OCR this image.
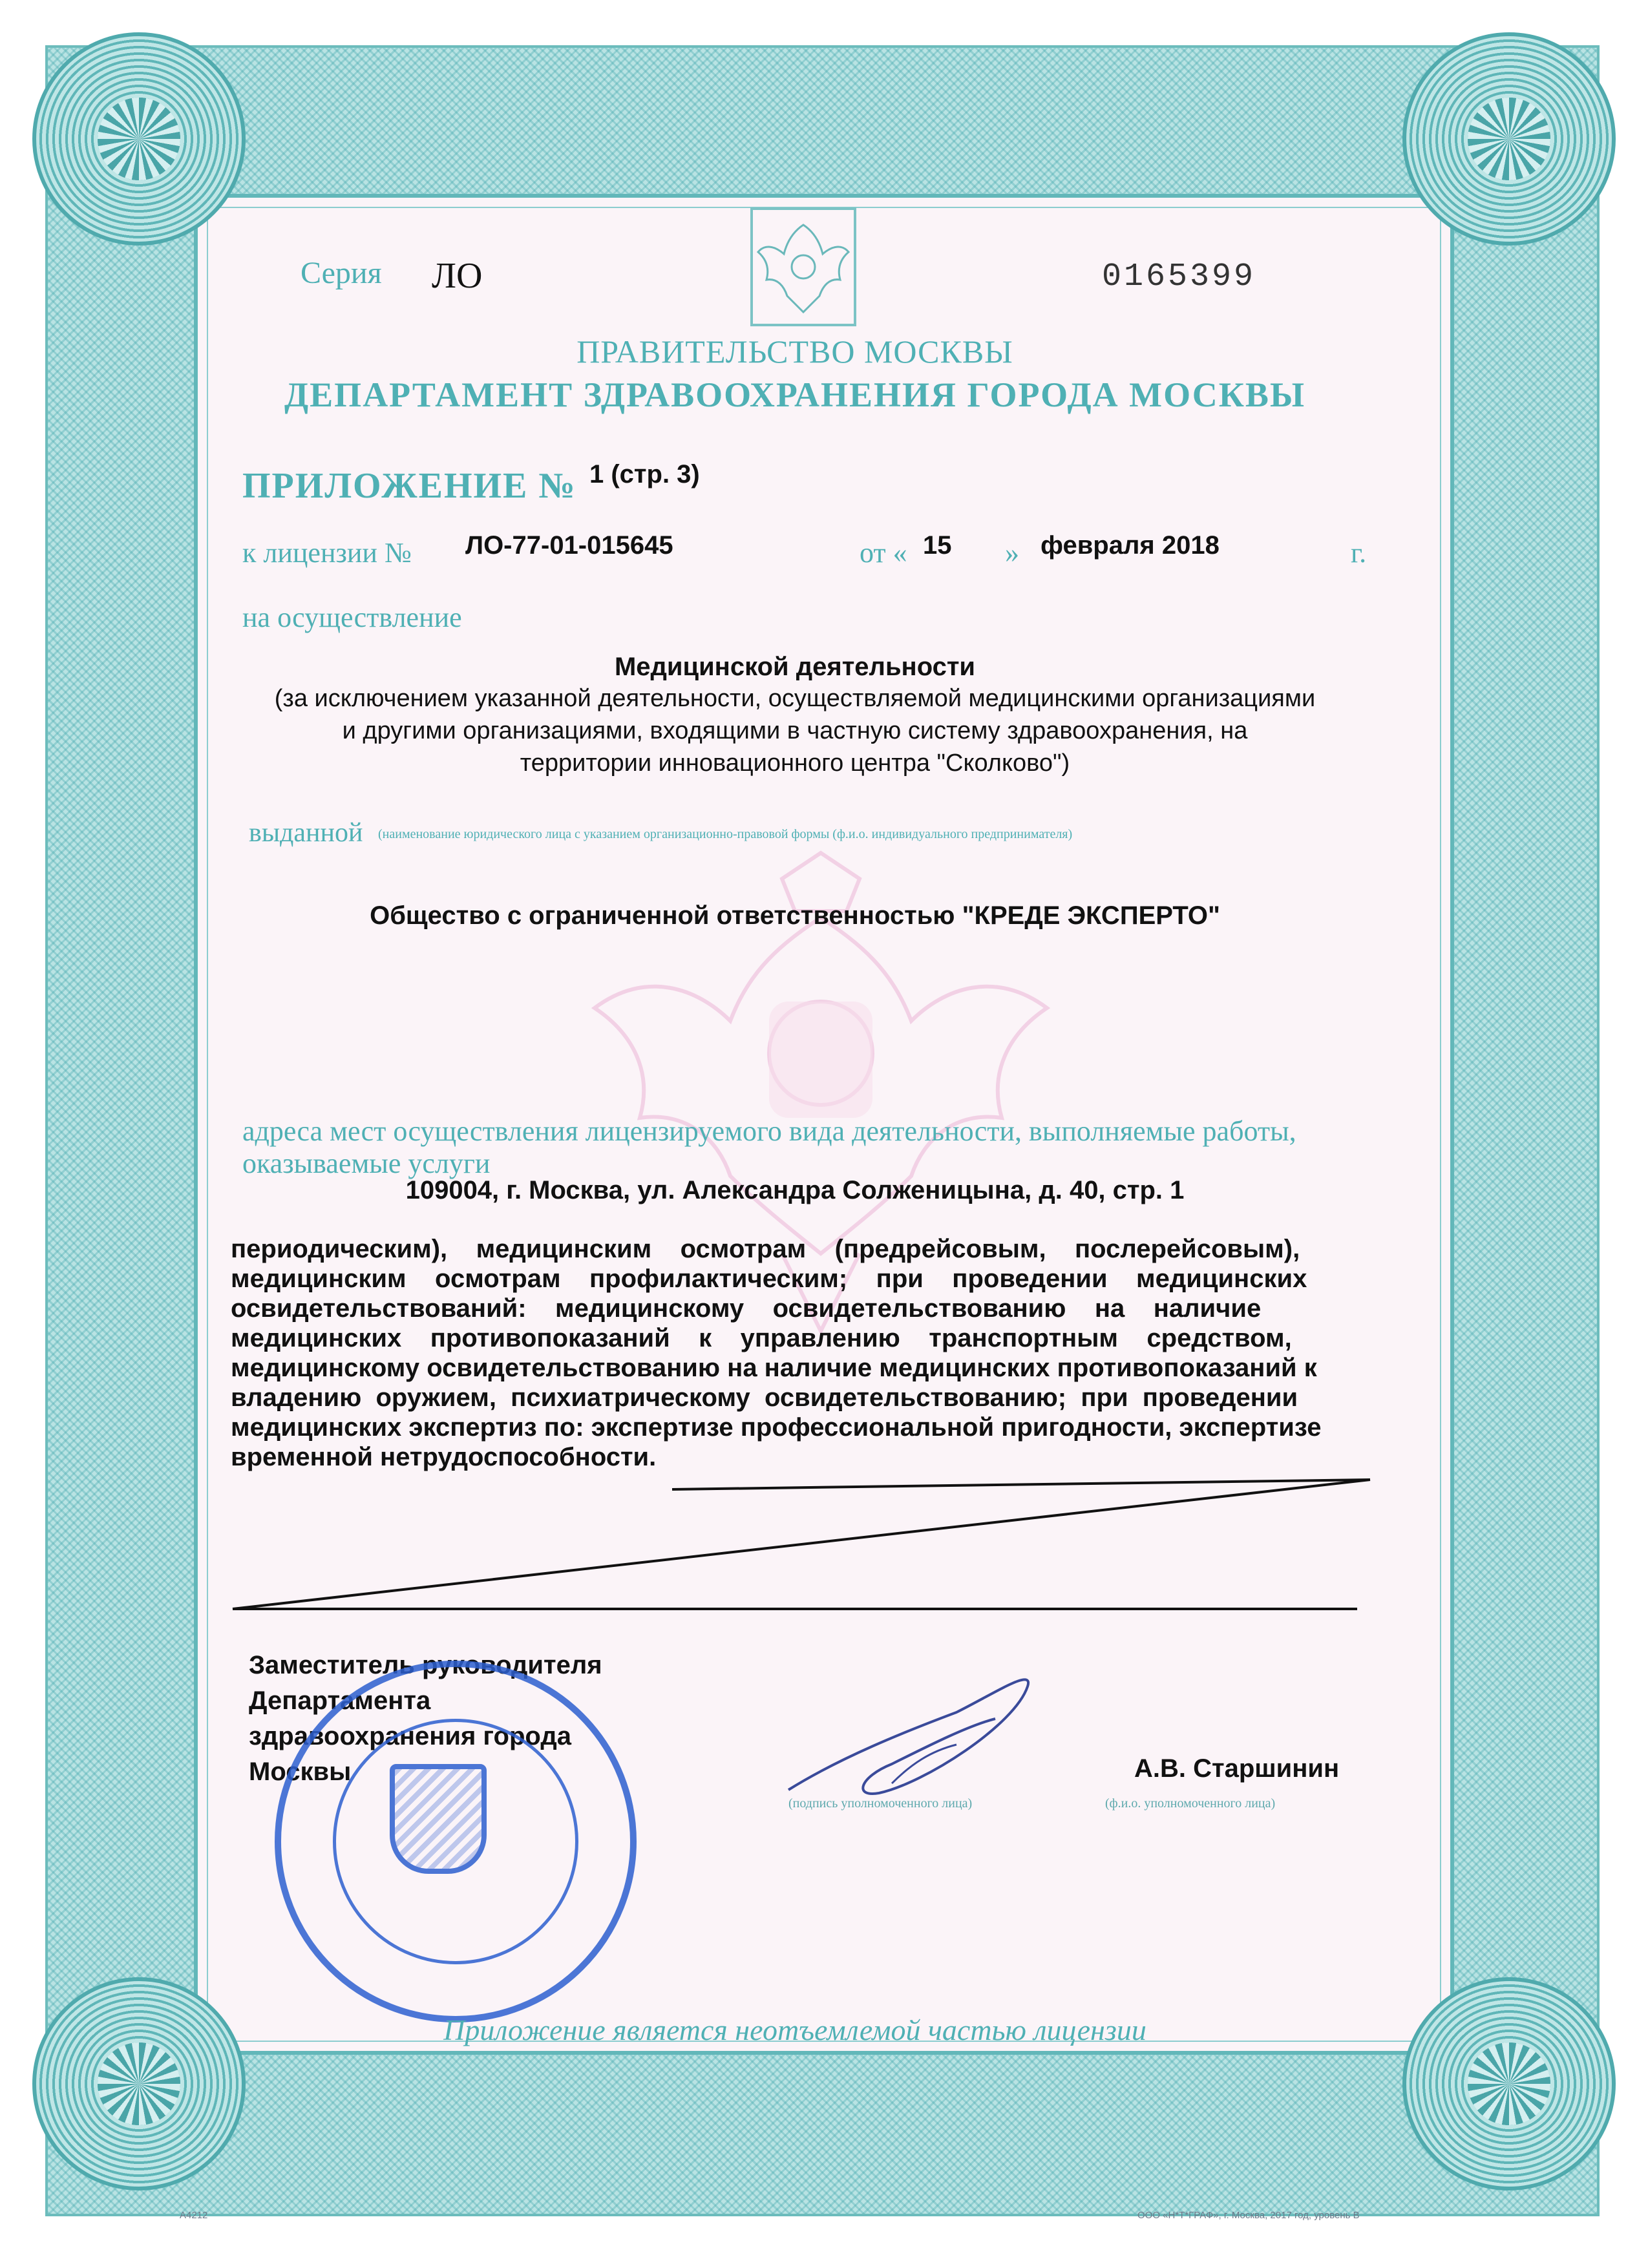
Серия ЛО	0165399
ПРАВИТЕЛЬСТВО МОСКВЫ
ДЕПАРТАМЕНТ ЗДРАВООХРАНЕНИЯ ГОРОДА МОСКВЫ
ПРИЛОЖЕНИЕ № 1 (стр. 3)
к лицензии № ЛО-77-01-015645	от « 15 » февраля 2018	г.
на осуществление
Медицинской деятельности
(за исключением указанной деятельности, осуществляемой медицинскими организациями
и другими организациями, входящими в частную систему здравоохранения, на
территории инновационного центра "Сколково")
выданной (наименование юридического лица с указанием организационно-правовой формы (ф.и.о. индивидуального предпринимателя)
Общество с ограниченной ответственностью "КРЕДЕ ЭКСПЕРТО"
адреса мест осуществления лицензируемого вида деятельности, выполняемые работы,
оказываемые услуги
109004, г. Москва, ул. Александра Солженицына, д. 40, стр. 1
периодическим),    медицинским    осмотрам    (предрейсовым,    послерейсовым),
медицинским    осмотрам    профилактическим;    при    проведении    медицинских
освидетельствований:    медицинскому    освидетельствованию    на    наличие
медицинских    противопоказаний    к    управлению    транспортным    средством,
медицинскому освидетельствованию на наличие медицинских противопоказаний к
владению  оружием,  психиатрическому  освидетельствованию;  при  проведении
медицинских экспертиз по: экспертизе профессиональной пригодности, экспертизе
временной нетрудоспособности.
Заместитель руководителя
Департамента
здравоохранения города
Москвы
(подпись уполномоченного лица)
А.В. Старшинин
(ф.и.о. уполномоченного лица)
Приложение является неотъемлемой частью лицензии
А4212	ООО «Н*Т*ГРАФ», г. Москва, 2017 год, уровень В
